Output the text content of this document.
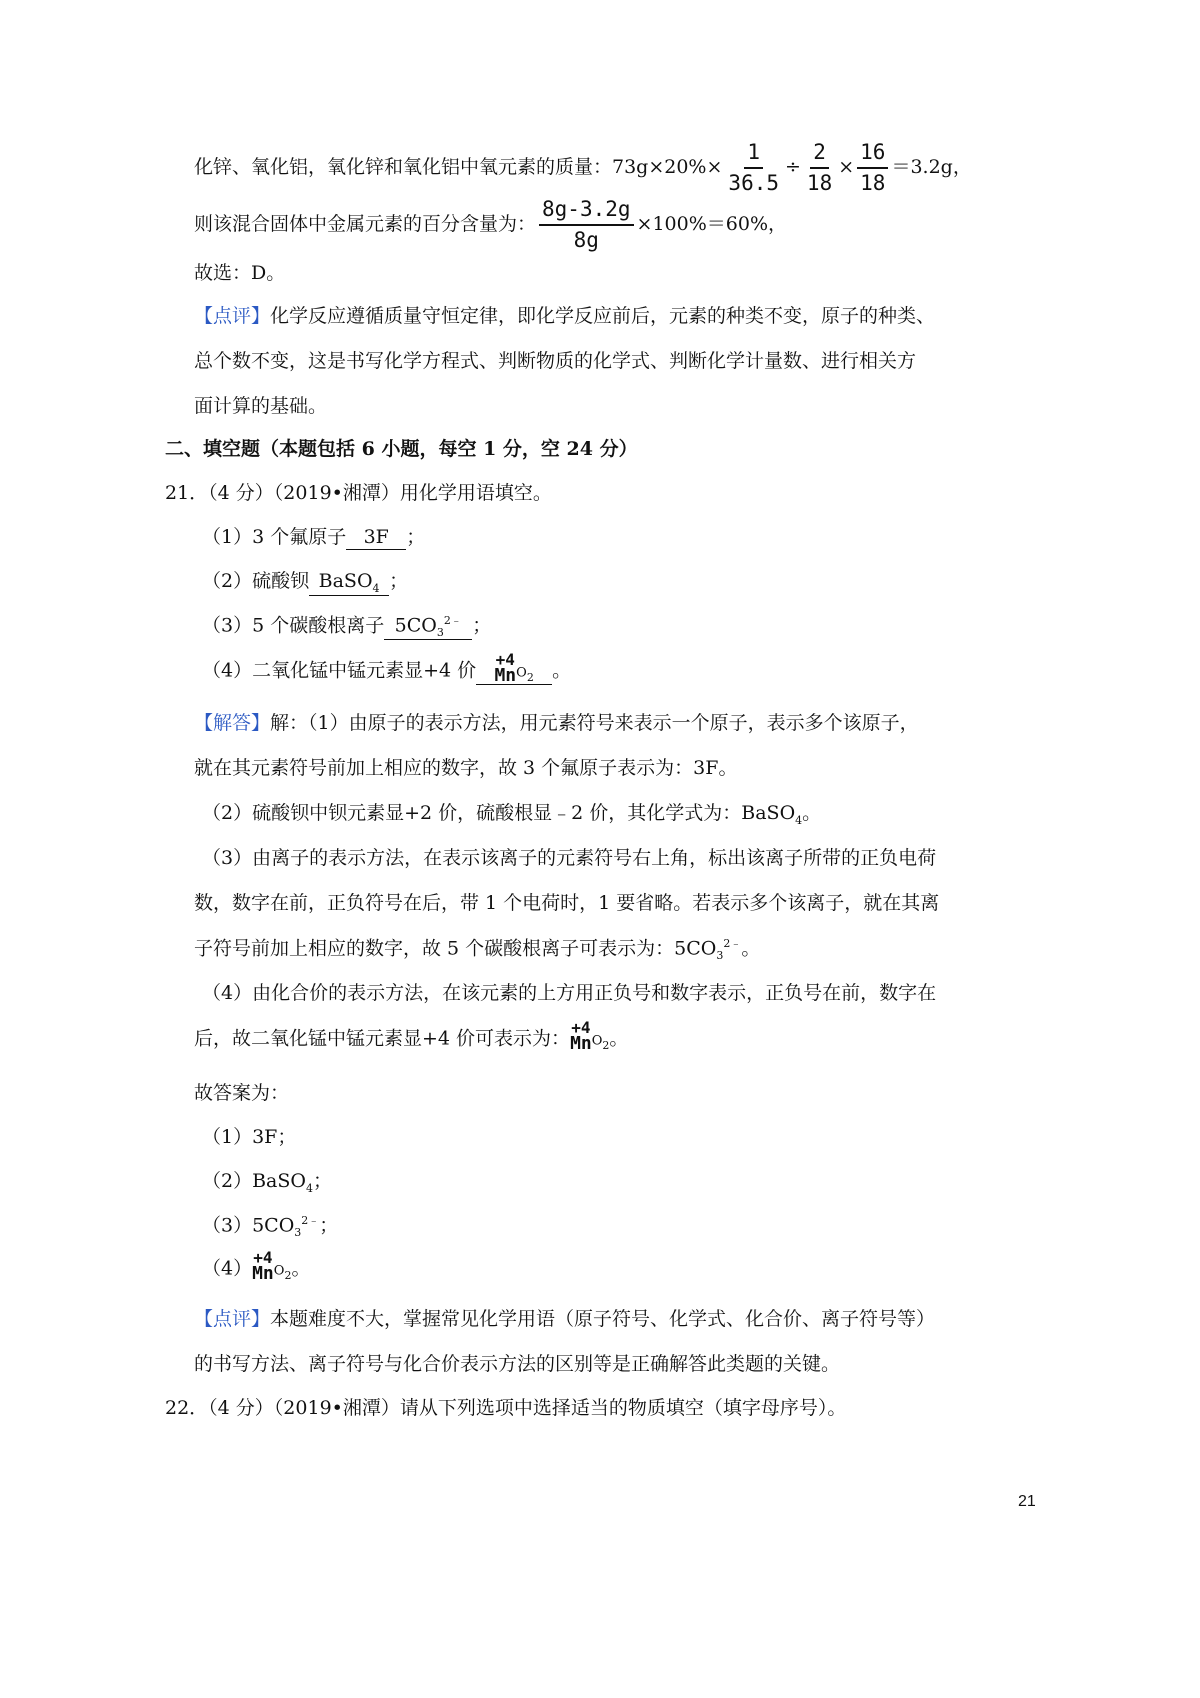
化锌、氧化铝，氧化锌和氧化铝中氧元素的质量：$73g\times 20\%\times \frac{1}{36.5} \div \frac{2}{18} \times \frac{16}{18} =3.2g$，
则该混合固体中金属元素的百分含量为： $\frac{8g-3.2g}{8g} \times 100\%=60\%$，
故选：D。
【点评】化学反应遵循质量守恒定律，即化学反应前后，元素的种类不变，原子的种类、
总个数不变，这是书写化学方程式、判断物质的化学式、判断化学计量数、进行相关方
面计算的基础。
二、填空题（本题包括 6 小题，每空 1 分，空 24 分）
21．（4 分）（2019•湘潭）用化学用语填空。
（1）3 个氟原子 3F ；
（2）硫酸钡 BaSO$_4$ ；
（3）5 个碳酸根离子 $5CO_3^{2﹣}$ ；
（4）二氧化锰中锰元素显+4 价 +4
Mn $O_2$ 。
【解答】解：（1）由原子的表示方法，用元素符号来表示一个原子，表示多个该原子，
就在其元素符号前加上相应的数字，故 3 个氟原子表示为：3F。
（2）硫酸钡中钡元素显+2 价，硫酸根显﹣2 价，其化学式为：BaSO$_4$。
（3）由离子的表示方法，在表示该离子的元素符号右上角，标出该离子所带的正负电荷
数，数字在前，正负符号在后，带 1 个电荷时，1 要省略。若表示多个该离子，就在其离
子符号前加上相应的数字，故 5 个碳酸根离子可表示为：$5CO_3^{2﹣}$。
（4）由化合价的表示方法，在该元素的上方用正负号和数字表示，正负号在前，数字在
后，故二氧化锰中锰元素显+4 价可表示为： +4
Mn $O_2$。
故答案为：
（1）3F；
（2）BaSO$_4$；
$(3)5CO_3^{2﹣}$；
（4） +4
Mn $O_2$。
【点评】本题难度不大，掌握常见化学用语（原子符号、化学式、化合价、离子符号等）
的书写方法、离子符号与化合价表示方法的区别等是正确解答此类题的关键。
22．（4 分）（2019•湘潭）请从下列选项中选择适当的物质填空（填字母序号）。
21
